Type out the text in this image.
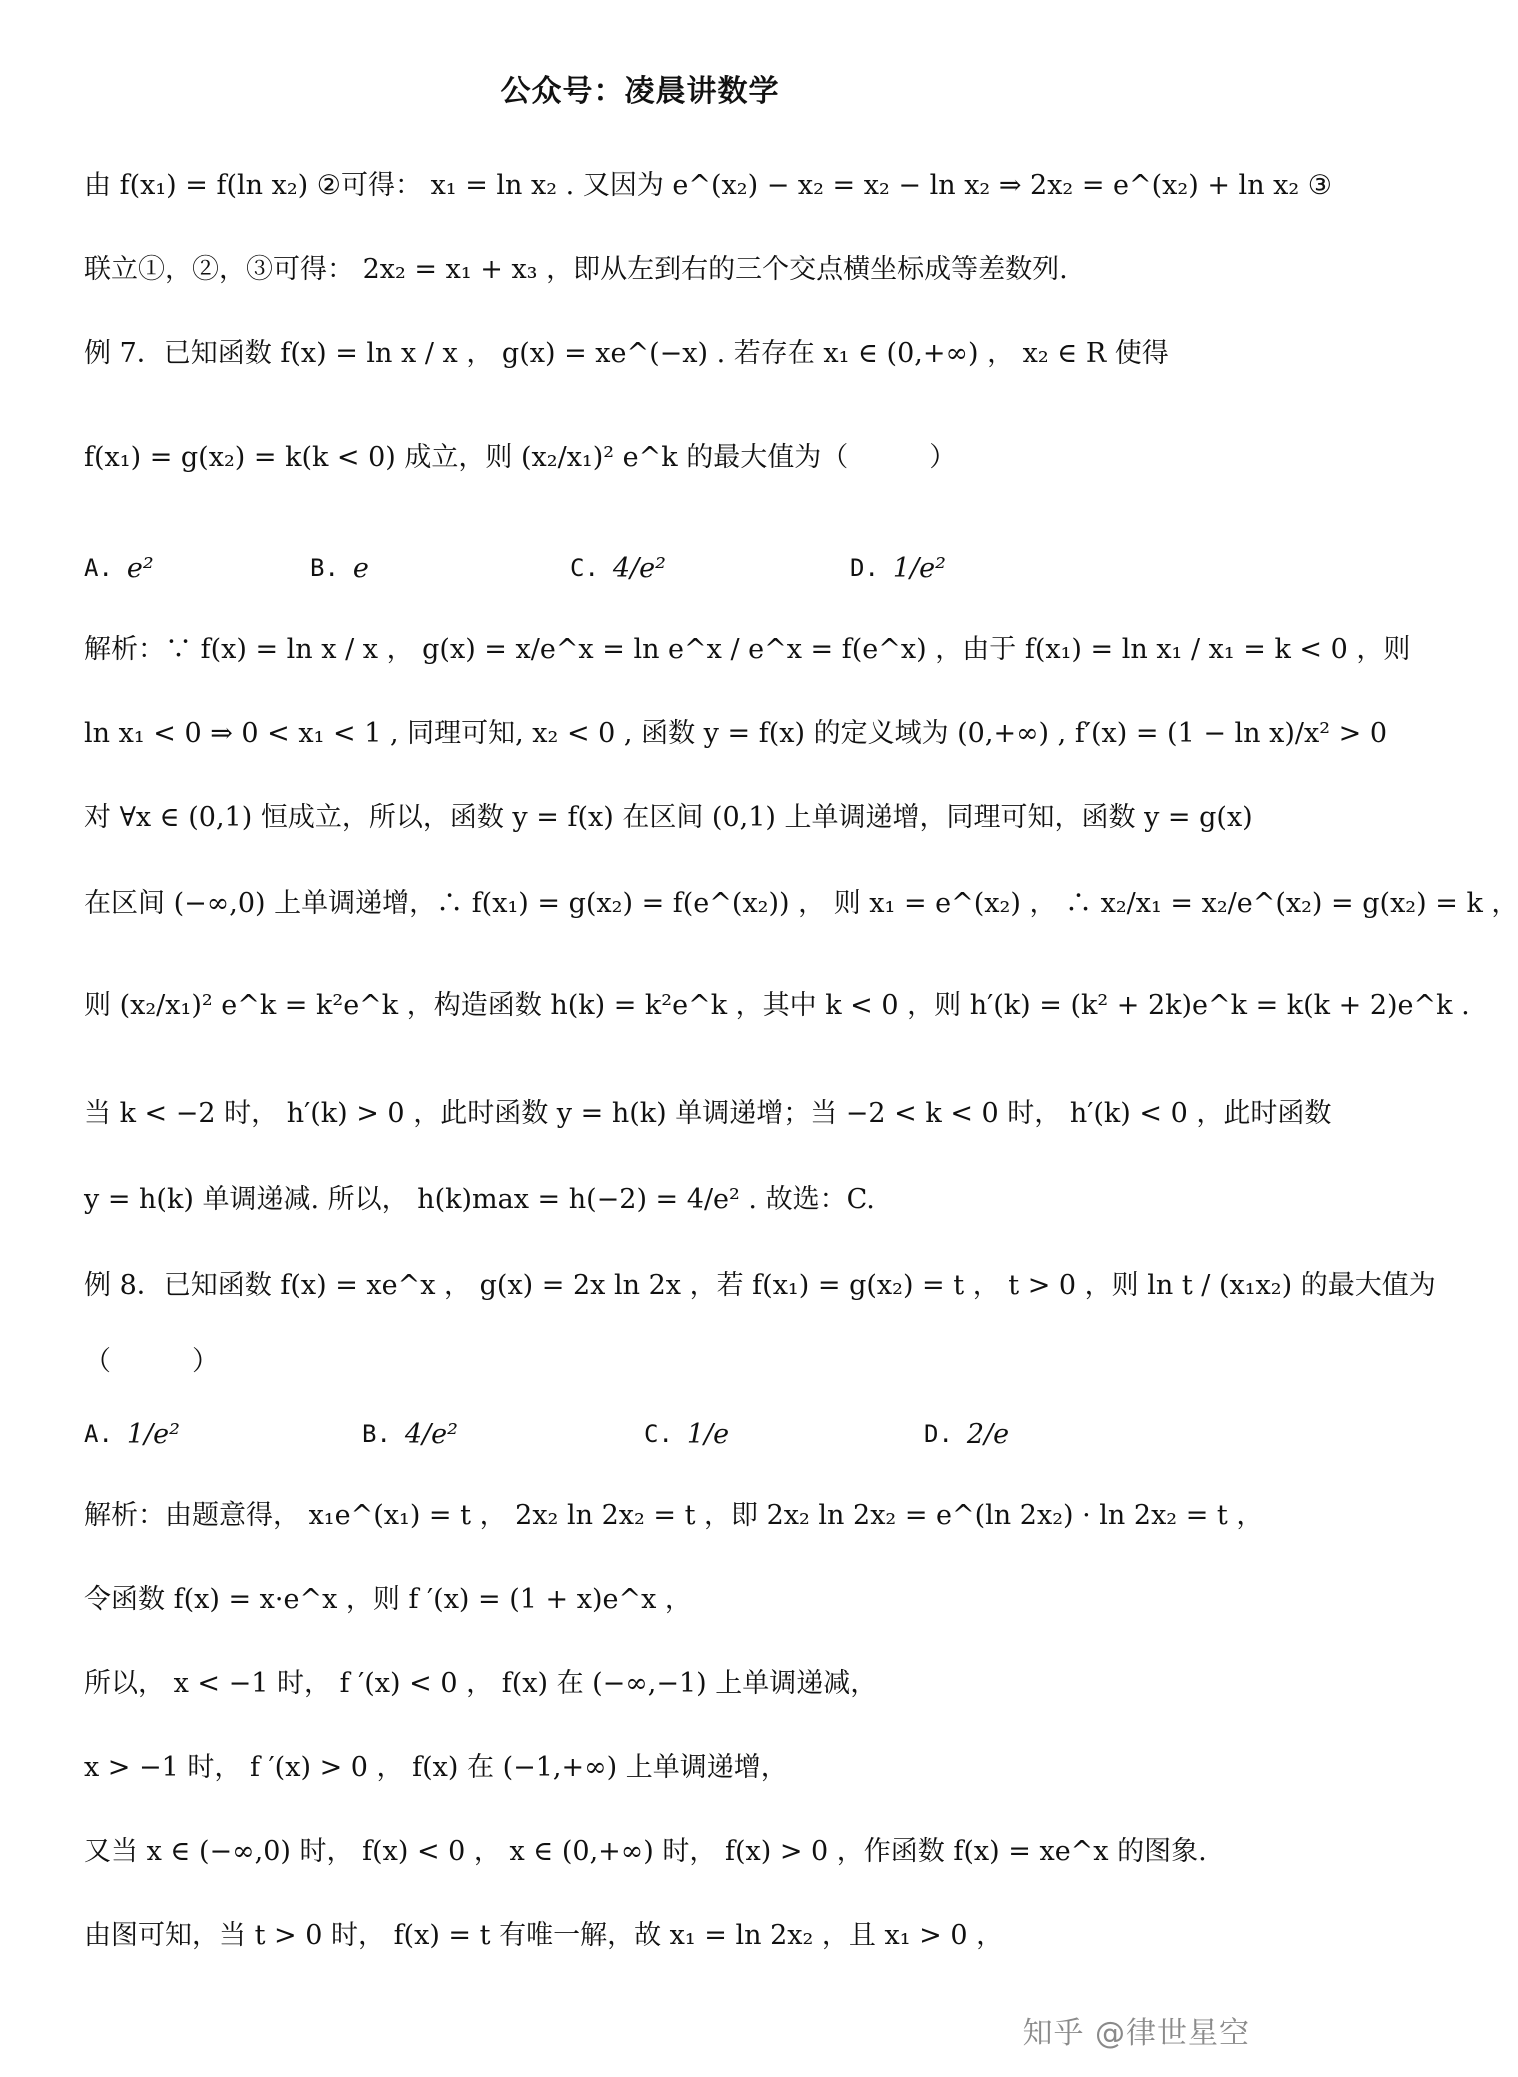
公众号：凌晨讲数学
由 f(x₁) = f(ln x₂) ②可得： x₁ = ln x₂ . 又因为 e^(x₂) − x₂ = x₂ − ln x₂ ⇒ 2x₂ = e^(x₂) + ln x₂ ③
联立①，②，③可得： 2x₂ = x₁ + x₃ ，即从左到右的三个交点横坐标成等差数列.
例 7．已知函数 f(x) = ln x / x ， g(x) = xe^(−x) . 若存在 x₁ ∈ (0,+∞) ， x₂ ∈ R 使得
f(x₁) = g(x₂) = k(k < 0) 成立，则 (x₂/x₁)² e^k 的最大值为（　　　）
A. e²	B. e	C. 4/e²	D. 1/e²
解析：∵ f(x) = ln x / x ， g(x) = x/e^x = ln e^x / e^x = f(e^x) ，由于 f(x₁) = ln x₁ / x₁ = k < 0 ，则
ln x₁ < 0 ⇒ 0 < x₁ < 1 , 同理可知, x₂ < 0 , 函数 y = f(x) 的定义域为 (0,+∞) , f′(x) = (1 − ln x)/x² > 0
对 ∀x ∈ (0,1) 恒成立，所以，函数 y = f(x) 在区间 (0,1) 上单调递增，同理可知，函数 y = g(x)
在区间 (−∞,0) 上单调递增，∴ f(x₁) = g(x₂) = f(e^(x₂)) ， 则 x₁ = e^(x₂) ， ∴ x₂/x₁ = x₂/e^(x₂) = g(x₂) = k ，
则 (x₂/x₁)² e^k = k²e^k ，构造函数 h(k) = k²e^k ，其中 k < 0 ，则 h′(k) = (k² + 2k)e^k = k(k + 2)e^k .
当 k < −2 时， h′(k) > 0 ，此时函数 y = h(k) 单调递增；当 −2 < k < 0 时， h′(k) < 0 ，此时函数
y = h(k) 单调递减. 所以， h(k)max = h(−2) = 4/e² . 故选：C.
例 8．已知函数 f(x) = xe^x ， g(x) = 2x ln 2x ，若 f(x₁) = g(x₂) = t ， t > 0 ，则 ln t / (x₁x₂) 的最大值为
（　　　）
A. 1/e²	B. 4/e²	C. 1/e	D. 2/e
解析：由题意得， x₁e^(x₁) = t ， 2x₂ ln 2x₂ = t ，即 2x₂ ln 2x₂ = e^(ln 2x₂) · ln 2x₂ = t ，
令函数 f(x) = x·e^x ，则 f ′(x) = (1 + x)e^x ，
所以， x < −1 时， f ′(x) < 0 ， f(x) 在 (−∞,−1) 上单调递减，
x > −1 时， f ′(x) > 0 ， f(x) 在 (−1,+∞) 上单调递增，
又当 x ∈ (−∞,0) 时， f(x) < 0 ， x ∈ (0,+∞) 时， f(x) > 0 ，作函数 f(x) = xe^x 的图象.
由图可知，当 t > 0 时， f(x) = t 有唯一解，故 x₁ = ln 2x₂ ，且 x₁ > 0 ，
知乎 @律世星空
